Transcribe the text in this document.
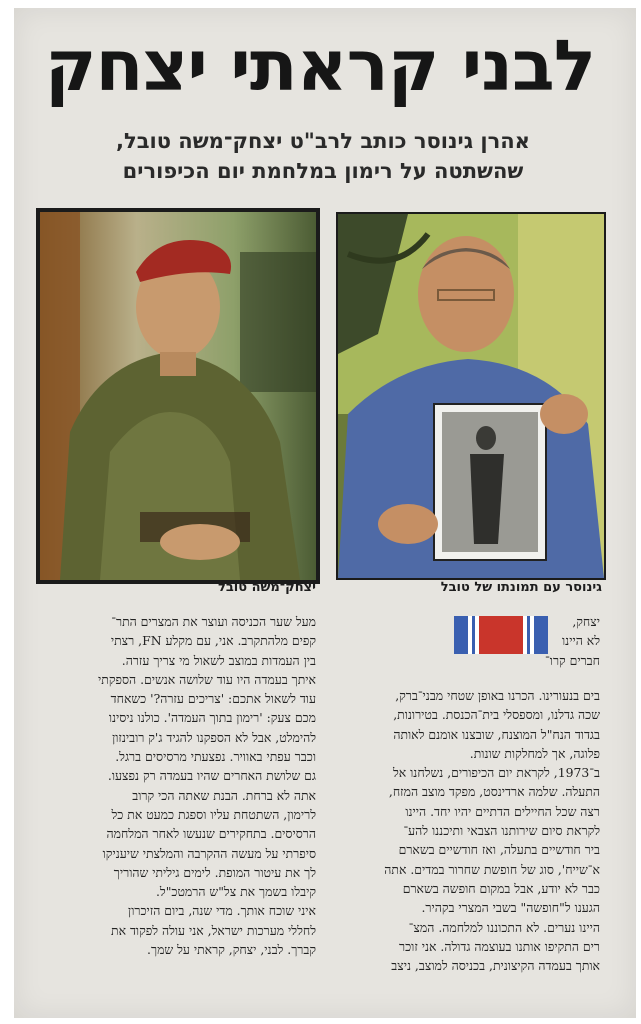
לבני קראתי יצחק
אהרן גינוסר כותב לרב"ט יצחק־משה טובל,
שהשתטה על רימון במלחמת יום הכיפורים
יצחק־משה טובל	גינוסר עם תמונתו של טובל

יצחק,

לא היינו

חברים קרו־

בים בנעורינו. הכרנו באופן שטחי מבני־ברק,

שכה גדלנו, ומספסלי בית־הכנסת. בטירונות,

בגדוד הנח"ל המוצנח, שובצנו אומנם לאותה

פלוגה, אך למחלקות שונות.

ב־1973, לקראת יום הכיפורים, נשלחנו אל

התעלה. שלמה ארדינסט, מפקד מוצב המזח,

רצה שכל החיילים הדתיים יהיו יחד. היינו

לקראת סיום שירותנו הצבאי ותיכננו להע־

ביר חודשיים בתעלה, ואז חודשיים בשארם

א־שייח', סוג של חופשת שחרור במדים. אתה

כבר לא יודע, אבל במקום חופשה בשארם

הגענו ל"חופשה" בשבי המצרי בקהיר.

היינו נערים. לא התכוננו למלחמה. המצ־

רים התקיפו אותנו בעוצמה גדולה. אני זוכר

אותך בעמדה הקיצונית, בכניסה למוצב, ניצב

מעל שער הכניסה ועוצר את המצרים התר־

קפים מלהתקרב. אני, עם מקלע FN, רצתי

בין העמדות במוצב לשאול מי צריך עזרה.

איתך בעמדה היו עוד שלושה אנשים. הספקתי

עוד לשאול אתכם: 'צריכים עזרה?' כשאחד

מכם צעק: 'רימון בתוך העמדה'. כולנו ניסינו

להימלט, אבל לא הספקנו להגיד ג'ק רובינזון

וכבר עפתי באוויר. נפצעתי מרסיסים ברגל.

גם שלושת האחרים שהיו בעמדה רק נפצעו.

אתה לא ברחת. הבנת שאתה הכי קרוב

לרימון, השתטחת עליו וספגת כמעט את כל

הרסיסים. בתחקירים שנעשו לאחר המלחמה

סיפרתי על מעשה ההקרבה והמלצתי שיעניקו

לך את עיטור המופת. לימים גיליתי שהוריך

קיבלו בשמך את צל"ש הרמטכ"ל.

איני שוכח אותך. מדי שנה, ביום הזיכרון

לחללי מערכות ישראל, אני עולה לפקוד את

קברך. לבני, יצחק, קראתי על שמך.
